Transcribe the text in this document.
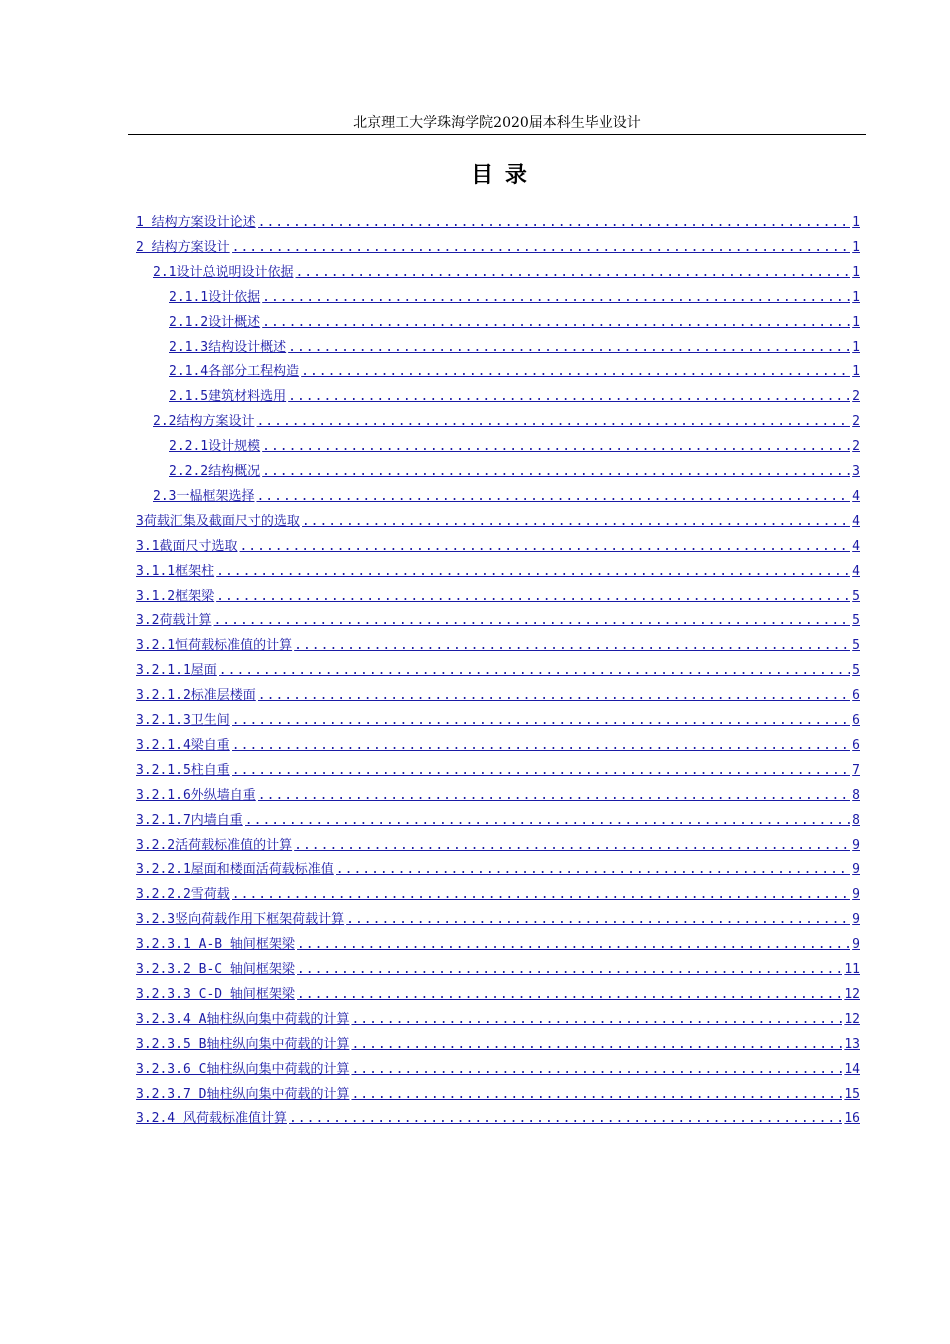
北京理工大学珠海学院2020届本科生毕业设计
目 录
1 结构方案设计论述 .....	1
2 结构方案设计 .....	1
2.1设计总说明设计依据 .....	1
2.1.1设计依据 .....	1
2.1.2设计概述 .....	1
2.1.3结构设计概述 .....	1
2.1.4各部分工程构造 .....	1
2.1.5建筑材料选用 .....	2
2.2结构方案设计 .....	2
2.2.1设计规模 .....	2
2.2.2结构概况 .....	3
2.3一榀框架选择 .....	4
3荷载汇集及截面尺寸的选取 .....	4
3.1截面尺寸选取 .....	4
3.1.1框架柱 .....	4
3.1.2框架梁 .....	5
3.2荷载计算 .....	5
3.2.1恒荷载标准值的计算 .....	5
3.2.1.1屋面 .....	5
3.2.1.2标准层楼面 .....	6
3.2.1.3卫生间 .....	6
3.2.1.4梁自重 .....	6
3.2.1.5柱自重 .....	7
3.2.1.6外纵墙自重 .....	8
3.2.1.7内墙自重 .....	8
3.2.2活荷载标准值的计算 .....	9
3.2.2.1屋面和楼面活荷载标准值 .....	9
3.2.2.2雪荷载 .....	9
3.2.3竖向荷载作用下框架荷载计算 .....	9
3.2.3.1 A-B 轴间框架梁 .....	9
3.2.3.2 B-C 轴间框架梁 .....	11
3.2.3.3 C-D 轴间框架梁 .....	12
3.2.3.4 A轴柱纵向集中荷载的计算 .....	12
3.2.3.5 B轴柱纵向集中荷载的计算 .....	13
3.2.3.6 C轴柱纵向集中荷载的计算 .....	14
3.2.3.7 D轴柱纵向集中荷载的计算 .....	15
3.2.4 风荷载标准值计算 .....	16
